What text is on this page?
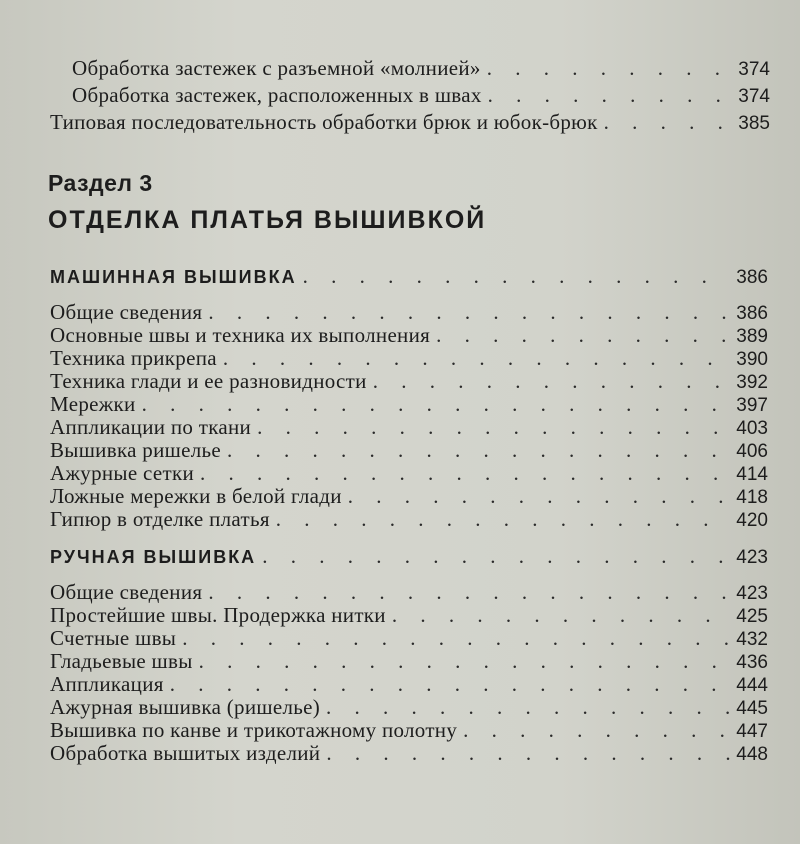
Обработка застежек с разъемной «молнией» . . .	374
Обработка застежек, расположенных в швах . . .	374
Типовая последовательность обработки брюк и юбок-брюк . . .	385
Раздел 3
ОТДЕЛКА ПЛАТЬЯ ВЫШИВКОЙ
МАШИННАЯ ВЫШИВКА . . .	386
Общие сведения . . .	386
Основные швы и техника их выполнения . . .	389
Техника прикрепа . . .	390
Техника глади и ее разновидности . . .	392
Мережки . . .	397
Аппликации по ткани . . .	403
Вышивка ришелье . . .	406
Ажурные сетки . . .	414
Ложные мережки в белой глади . . .	418
Гипюр в отделке платья . . .	420
РУЧНАЯ ВЫШИВКА . . .	423
Общие сведения . . .	423
Простейшие швы. Продержка нитки . . .	425
Счетные швы . . .	432
Гладьевые швы . . .	436
Аппликация . . .	444
Ажурная вышивка (ришелье) . . .	445
Вышивка по канве и трикотажному полотну . . .	447
Обработка вышитых изделий . . .	448
